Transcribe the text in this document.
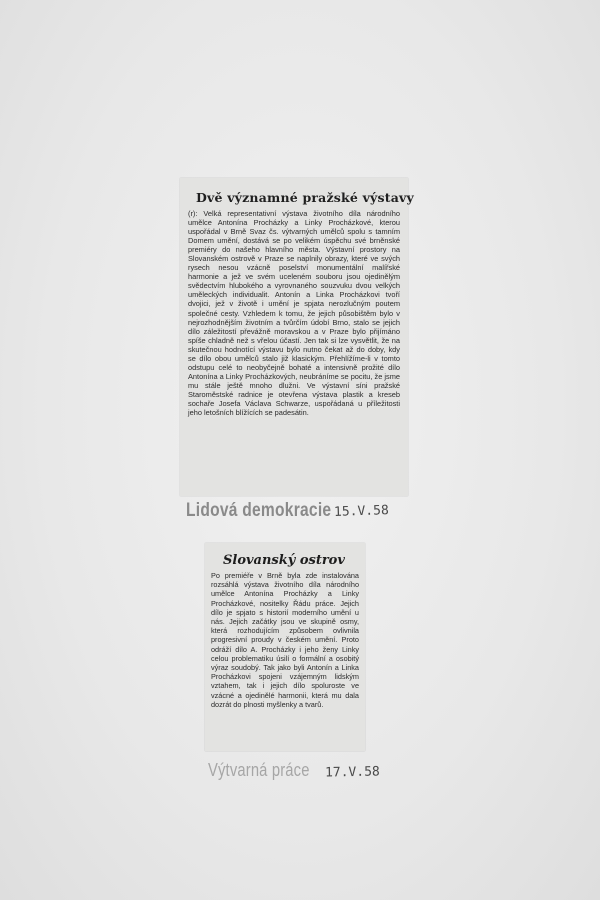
Dvě významné pražské výstavy
(r): Velká representativní výstava životního díla národního umělce Antonína Procházky a Linky Procházkové, kterou uspořádal v Brně Svaz čs. výtvarných umělců spolu s tamním Domem umění, dostává se po velikém úspěchu své brněnské premiéry do našeho hlavního města. Výstavní prostory na Slovanském ostrově v Praze se naplnily obrazy, které ve svých rysech nesou vzácně poselství monumentální malířské harmonie a jež ve svém uceleném souboru jsou ojedinělým svědectvím hlubokého a vyrovnaného souzvuku dvou velkých uměleckých individualit. Antonín a Linka Procházkovi tvoří dvojici, jež v životě i umění je spjata nerozlučným poutem společné cesty. Vzhledem k tomu, že jejich působištěm bylo v nejrozhodnějším životním a tvůrčím údobí Brno, stalo se jejich dílo záležitostí převážně moravskou a v Praze bylo přijímáno spíše chladně než s vřelou účastí. Jen tak si lze vysvětlit, že na skutečnou hodnotící výstavu bylo nutno čekat až do doby, kdy se dílo obou umělců stalo již klasickým. Přehlížíme-li v tomto odstupu celé to neobyčejně bohaté a intensivně prožité dílo Antonína a Linky Procházkových, neubráníme se pocitu, že jsme mu stále ještě mnoho dlužni. Ve výstavní síni pražské Staroměstské radnice je otevřena výstava plastik a kreseb sochaře Josefa Václava Schwarze, uspořádaná u příležitosti jeho letošních blížících se padesátin.
Lidová demokracie 15.V.58
Slovanský ostrov
Po premiéře v Brně byla zde instalována rozsáhlá výstava životního díla národního umělce Antonína Procházky a Linky Procházkové, nositelky Řádu práce. Jejich dílo je spjato s historií moderního umění u nás. Jejich začátky jsou ve skupině osmy, která rozhodujícím způsobem ovlivnila progresivní proudy v českém umění. Proto odráží dílo A. Procházky i jeho ženy Linky celou problematiku úsilí o formální a osobitý výraz soudobý. Tak jako byli Antonín a Linka Procházkovi spojeni vzájemným lidským vztahem, tak i jejich dílo spoluroste ve vzácné a ojedinělé harmonii, která mu dala dozrát do plnosti myšlenky a tvarů.
Výtvarná práce 17.V.58
